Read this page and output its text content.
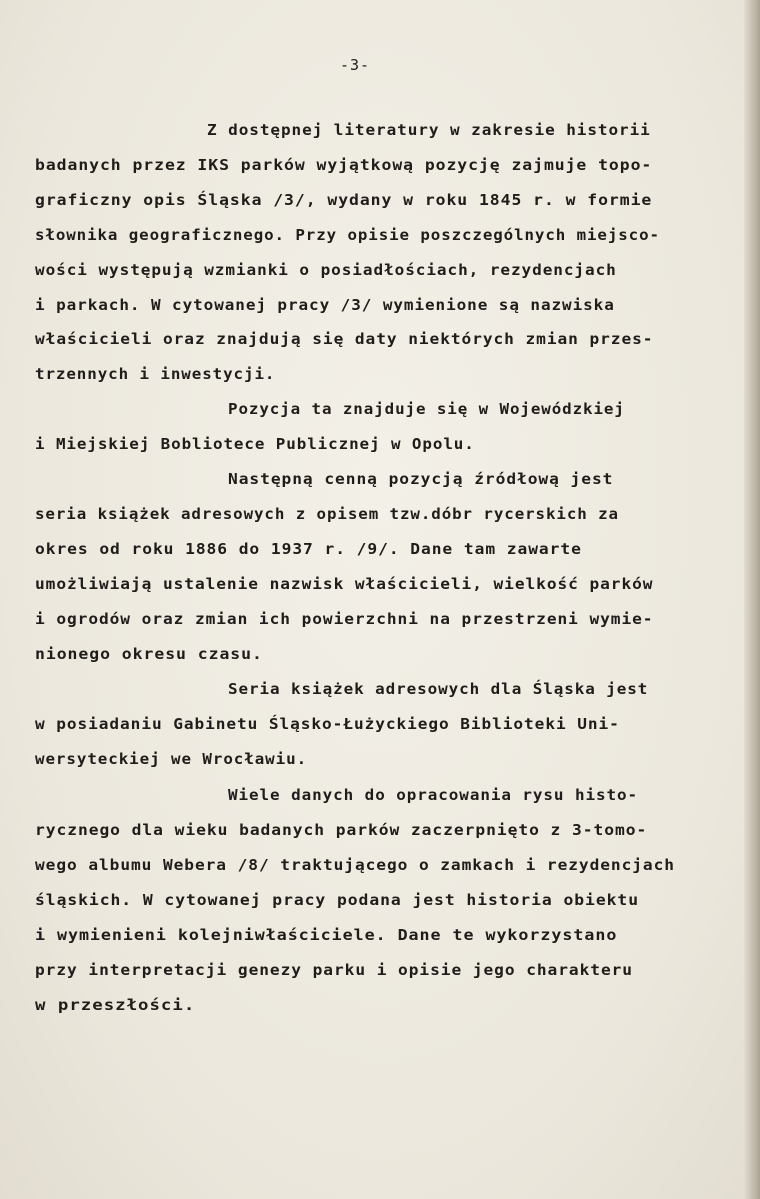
-3-
Z dostępnej literatury w zakresie historii
badanych przez IKS parków wyjątkową pozycję zajmuje topo-
graficzny opis Śląska /3/, wydany w roku 1845 r. w formie
słownika geograficznego. Przy opisie poszczególnych miejsco-
wości występują wzmianki o posiadłościach, rezydencjach
i parkach. W cytowanej pracy /3/ wymienione są nazwiska
właścicieli oraz znajdują się daty niektórych zmian przes-
trzennych i inwestycji.
Pozycja ta znajduje się w Wojewódzkiej
i Miejskiej Bobliotece Publicznej w Opolu.
Następną cenną pozycją źródłową jest
seria książek adresowych z opisem tzw.dóbr rycerskich za
okres od roku 1886 do 1937 r. /9/. Dane tam zawarte
umożliwiają ustalenie nazwisk właścicieli, wielkość parków
i ogrodów oraz zmian ich powierzchni na przestrzeni wymie-
nionego okresu czasu.
Seria książek adresowych dla Śląska jest
w posiadaniu Gabinetu Śląsko-Łużyckiego Biblioteki Uni-
wersyteckiej we Wrocławiu.
Wiele danych do opracowania rysu histo-
rycznego dla wieku badanych parków zaczerpnięto z 3-tomo-
wego albumu Webera /8/ traktującego o zamkach i rezydencjach
śląskich. W cytowanej pracy podana jest historia obiektu
i wymienieni kolejniwłaściciele. Dane te wykorzystano
przy interpretacji genezy parku i opisie jego charakteru
w przeszłości.
